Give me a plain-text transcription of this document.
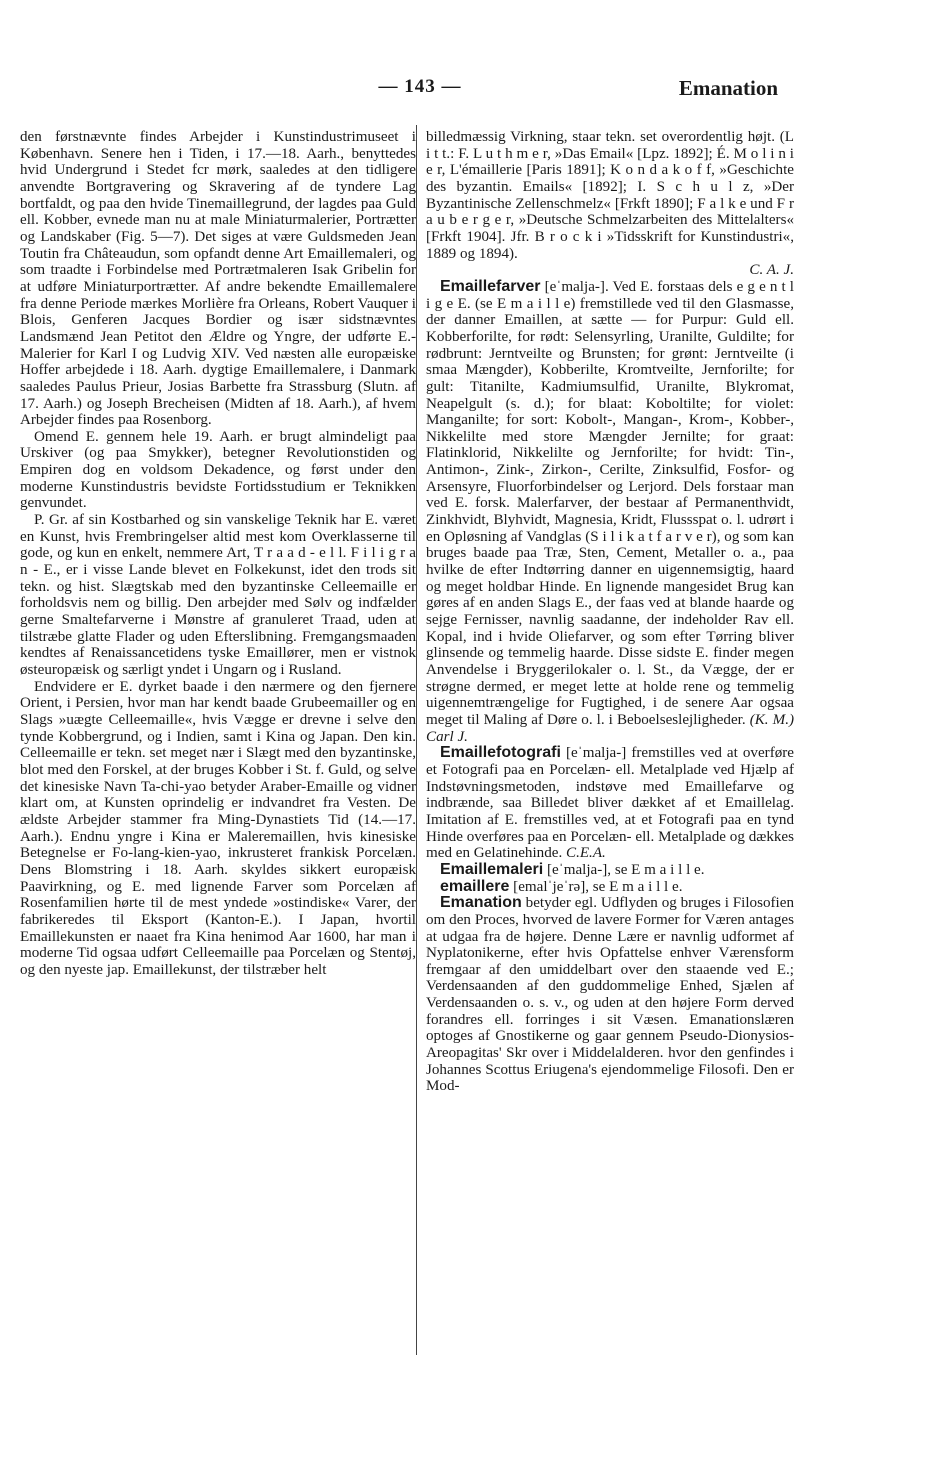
— 143 —	Emanation

den førstnævnte findes Arbejder i Kunstindustrimuseet i København. Senere hen i Tiden, i 17.—18. Aarh., benyttedes hvid Undergrund i Stedet fcr mørk, saaledes at den tidligere anvendte Bortgravering og Skravering af de tyndere Lag bortfaldt, og paa den hvide Tinemaillegrund, der lagdes paa Guld ell. Kobber, evnede man nu at male Miniaturmalerier, Portrætter og Landskaber (Fig. 5—7). Det siges at være Guldsmeden Jean Toutin fra Châteaudun, som opfandt denne Art Emaillemaleri, og som traadte i Forbindelse med Portrætmaleren Isak Gribelin for at udføre Miniaturportrætter. Af andre bekendte Emaillemalere fra denne Periode mærkes Morlière fra Orleans, Robert Vauquer i Blois, Genferen Jacques Bordier og især sidstnævntes Landsmænd Jean Petitot den Ældre og Yngre, der udførte E.-Malerier for Karl I og Ludvig XIV. Ved næsten alle europæiske Hoffer arbejdede i 18. Aarh. dygtige Emaillemalere, i Danmark saaledes Paulus Prieur, Josias Barbette fra Strassburg (Slutn. af 17. Aarh.) og Joseph Brecheisen (Midten af 18. Aarh.), af hvem Arbejder findes paa Rosenborg.

Omend E. gennem hele 19. Aarh. er brugt almindeligt paa Urskiver (og paa Smykker), betegner Revolutionstiden og Empiren dog en voldsom Dekadence, og først under den moderne Kunstindustris bevidste Fortidsstudium er Teknikken genvundet.

P. Gr. af sin Kostbarhed og sin vanskelige Teknik har E. været en Kunst, hvis Frembringelser altid mest kom Overklasserne til gode, og kun en enkelt, nemmere Art, T r a a d - e l l. F i l i g r a n - E., er i visse Lande blevet en Folkekunst, idet den trods sit tekn. og hist. Slægtskab med den byzantinske Celleemaille er forholdsvis nem og billig. Den arbejder med Sølv og indfælder gerne Smaltefarverne i Mønstre af granuleret Traad, uden at tilstræbe glatte Flader og uden Efterslibning. Fremgangsmaaden kendtes af Renaissancetidens tyske Emaillører, men er vistnok østeuropæisk og særligt yndet i Ungarn og i Rusland.

Endvidere er E. dyrket baade i den nærmere og den fjernere Orient, i Persien, hvor man har kendt baade Grubeemailler og en Slags »uægte Celleemaille«, hvis Vægge er drevne i selve den tynde Kobbergrund, og i Indien, samt i Kina og Japan. Den kin. Celleemaille er tekn. set meget nær i Slægt med den byzantinske, blot med den Forskel, at der bruges Kobber i St. f. Guld, og selve det kinesiske Navn Ta-chi-yao betyder Araber-Emaille og vidner klart om, at Kunsten oprindelig er indvandret fra Vesten. De ældste Arbejder stammer fra Ming-Dynastiets Tid (14.—17. Aarh.). Endnu yngre i Kina er Maleremaillen, hvis kinesiske Betegnelse er Fo-lang-kien-yao, inkrusteret frankisk Porcelæn. Dens Blomstring i 18. Aarh. skyldes sikkert europæisk Paavirkning, og E. med lignende Farver som Porcelæn af Rosenfamilien hørte til de mest yndede »ostindiske« Varer, der fabrikeredes til Eksport (Kanton-E.). I Japan, hvortil Emaillekunsten er naaet fra Kina henimod Aar 1600, har man i moderne Tid ogsaa udført Celleemaille paa Porcelæn og Stentøj, og den nyeste jap. Emaillekunst, der tilstræber helt

billedmæssig Virkning, staar tekn. set overordentlig højt. (L i t t.: F. L u t h m e r, »Das Email« [Lpz. 1892]; É. M o l i n i e r, L'émaillerie [Paris 1891]; K o n d a k o f f, »Geschichte des byzantin. Emails« [1892]; I. S c h u l z, »Der Byzantinische Zellenschmelz« [Frkft 1890]; F a l k e und F r a u b e r g e r, »Deutsche Schmelzarbeiten des Mittelalters« [Frkft 1904]. Jfr. B r o c k i »Tidsskrift for Kunstindustri«, 1889 og 1894).

C. A. J.

Emaillefarver [eˈmalja-]. Ved E. forstaas dels e g e n t l i g e E. (se E m a i l l e) fremstillede ved til den Glasmasse, der danner Emaillen, at sætte — for Purpur: Guld ell. Kobberforilte, for rødt: Selensyrling, Uranilte, Guldilte; for rødbrunt: Jerntveilte og Brunsten; for grønt: Jerntveilte (i smaa Mængder), Kobberilte, Kromtveilte, Jernforilte; for gult: Titanilte, Kadmiumsulfid, Uranilte, Blykromat, Neapelgult (s. d.); for blaat: Koboltilte; for violet: Manganilte; for sort: Kobolt-, Mangan-, Krom-, Kobber-, Nikkelilte med store Mængder Jernilte; for graat: Flatinklorid, Nikkelilte og Jernforilte; for hvidt: Tin-, Antimon-, Zink-, Zirkon-, Cerilte, Zinksulfid, Fosfor- og Arsensyre, Fluorforbindelser og Lerjord. Dels forstaar man ved E. forsk. Malerfarver, der bestaar af Permanenthvidt, Zinkhvidt, Blyhvidt, Magnesia, Kridt, Flussspat o. l. udrørt i en Opløsning af Vandglas (S i l i k a t f a r v e r), og som kan bruges baade paa Træ, Sten, Cement, Metaller o. a., paa hvilke de efter Indtørring danner en uigennemsigtig, haard og meget holdbar Hinde. En lignende mangesidet Brug kan gøres af en anden Slags E., der faas ved at blande haarde og sejge Fernisser, navnlig saadanne, der indeholder Rav ell. Kopal, ind i hvide Oliefarver, og som efter Tørring bliver glinsende og temmelig haarde. Disse sidste E. finder megen Anvendelse i Bryggerilokaler o. l. St., da Vægge, der er strøgne dermed, er meget lette at holde rene og temmelig uigennemtrængelige for Fugtighed, i de senere Aar ogsaa meget til Maling af Døre o. l. i Beboelseslejligheder. (K. M.) Carl J.

Emaillefotografi [eˈmalja-] fremstilles ved at overføre et Fotografi paa en Porcelæn- ell. Metalplade ved Hjælp af Indstøvningsmetoden, indstøve med Emaillefarve og indbrænde, saa Billedet bliver dækket af et Emaillelag. Imitation af E. fremstilles ved, at et Fotografi paa en tynd Hinde overføres paa en Porcelæn- ell. Metalplade og dækkes med en Gelatinehinde. C.E.A.

Emaillemaleri [eˈmalja-], se E m a i l l e.

emaillere [emalˈjeˈrə], se E m a i l l e.

Emanation betyder egl. Udflyden og bruges i Filosofien om den Proces, hvorved de lavere Former for Væren antages at udgaa fra de højere. Denne Lære er navnlig udformet af Nyplatonikerne, efter hvis Opfattelse enhver Værensform fremgaar af den umiddelbart over den staaende ved E.; Verdensaanden af den guddommelige Enhed, Sjælen af Verdensaanden o. s. v., og uden at den højere Form derved forandres ell. forringes i sit Væsen. Emanationslæren optoges af Gnostikerne og gaar gennem Pseudo-Dionysios-Areopagitas' Skr over i Middelalderen. hvor den genfindes i Johannes Scottus Eriugena's ejendommelige Filosofi. Den er Mod-
